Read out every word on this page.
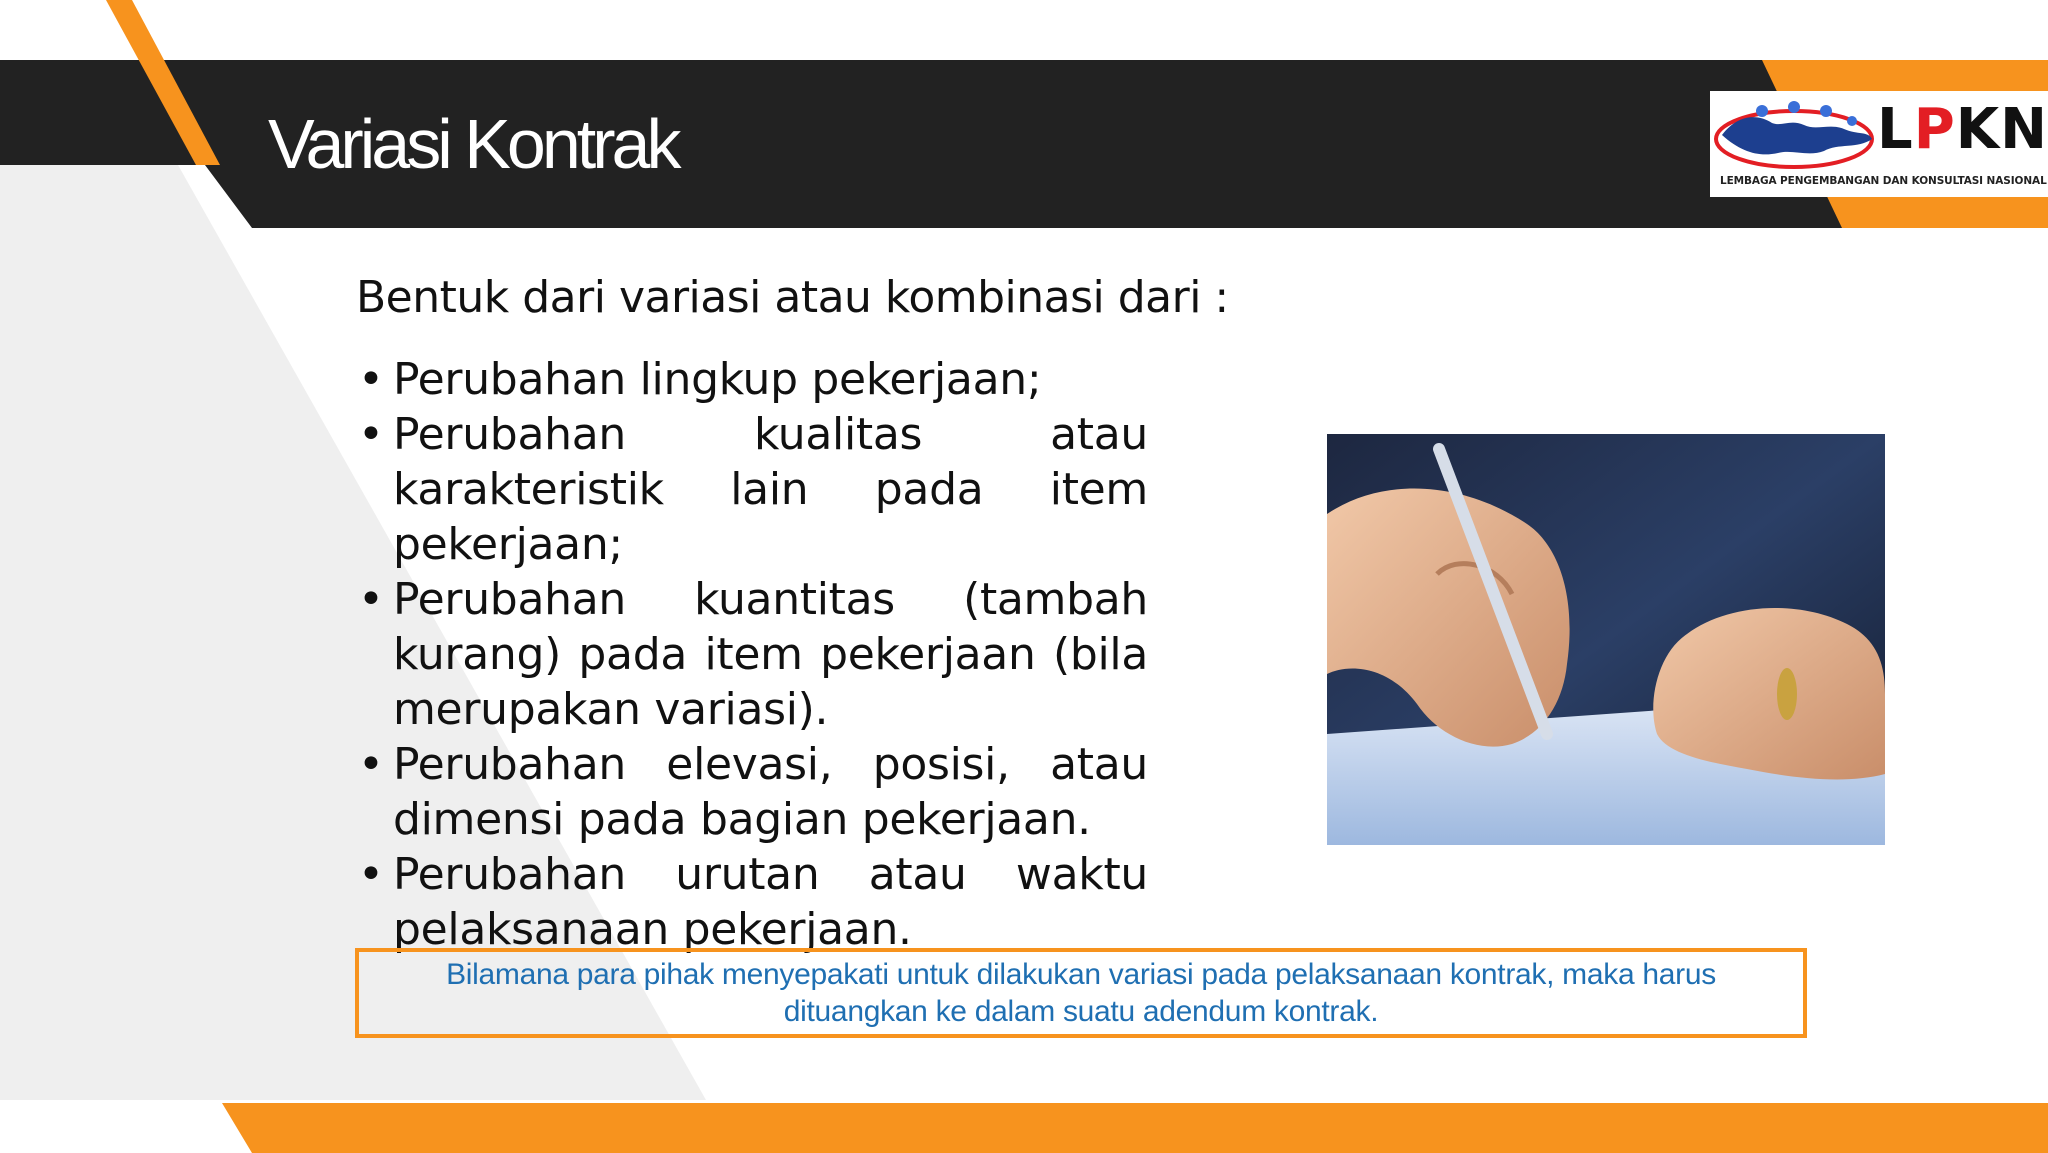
Variasi Kontrak	LPKN
LEMBAGA PENGEMBANGAN DAN KONSULTASI NASIONAL
Bentuk dari variasi atau kombinasi dari :
• Perubahan lingkup pekerjaan;
• Perubahan kualitas atau karakteristik lain pada item pekerjaan;
• Perubahan kuantitas (tambah kurang) pada item pekerjaan (bila merupakan variasi).
• Perubahan elevasi, posisi, atau dimensi pada bagian pekerjaan.
• Perubahan urutan atau waktu pelaksanaan pekerjaan.
Bilamana para pihak menyepakati untuk dilakukan variasi pada pelaksanaan kontrak, maka harus dituangkan ke dalam suatu adendum kontrak.
